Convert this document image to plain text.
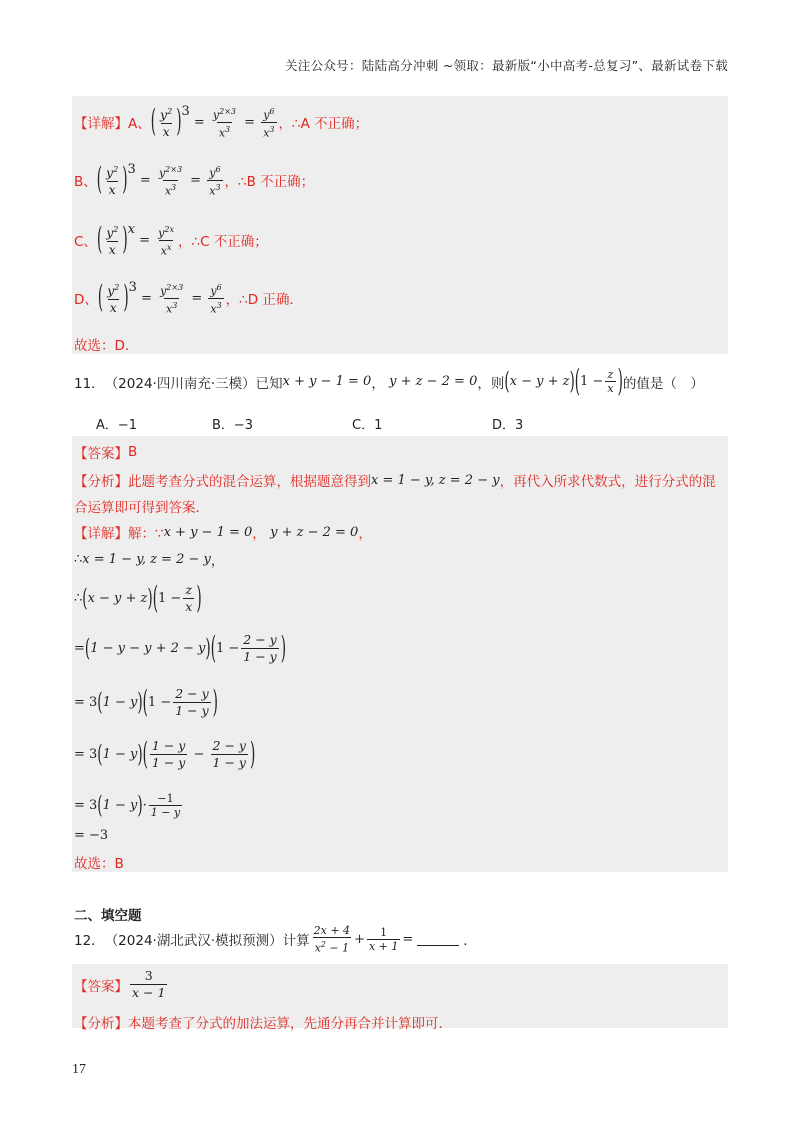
关注公众号：陆陆高分冲刺 ~领取：最新版“小中高考-总复习”、最新试卷下载
【详解】 A、 ( $\frac{y^2}{x}$ ) 3
= $\frac{y^{2\times 3}}{x^3} = \frac{y^6}{x^3}$ ，∴A 不正确；
B、 ( $\frac{y^2}{x}$ ) 3
= $\frac{y^{2\times 3}}{x^3} = \frac{y^6}{x^3}$ ，∴B 不正确；
C、 ( $\frac{y^2}{x}$ ) x
= $\frac{y^{2x}}{x^x}$ ，∴C 不正确；
D、 ( $\frac{y^2}{x}$ ) 3
= $\frac{y^{2\times 3}}{x^3} = \frac{y^6}{x^3}$ ，∴D 正确．
故选：D．
11． （2024·四川南充·三模）已知 x + y − 1 = 0 ， y + z − 2 = 0 ， 则 ( x − y + z ) ( $1 - \frac{z}{x}$ ) 的值是（　）
A．−1	B．−3	C．1	D．3
【答案】 B
【分析】 此题考查分式的混合运算，根据题意得到 x = 1 − y, z = 2 − y ，再代入所求代数式，进行分式的混
合运算即可得到答案．
【详解】 解：∵ x + y − 1 = 0 ， y + z − 2 = 0 ，
∴ x = 1 − y, z = 2 − y ，
∴ ( x − y + z ) ( $1 - \frac{z}{x}$ )
= ( 1 − y − y + 2 − y ) ( $1 - \frac{2 - y}{1 - y}$ )
= 3 ( 1 − y ) ( $1 - \frac{2 - y}{1 - y}$ )
= 3 ( 1 − y ) ( $\frac{1 - y}{1 - y} - \frac{2 - y}{1 - y}$ )
= 3 ( 1 − y ) · $\frac{-1}{1 - y}$
= −3
故选：B
二、填空题
12． （2024·湖北武汉·模拟预测）计算 $\frac{2x + 4}{x^2 - 1} + \frac{1}{x + 1}$ =	．
【答案】 $\frac{3}{x - 1}$
【分析】 本题考查了分式的加法运算，先通分再合并计算即可．
17
